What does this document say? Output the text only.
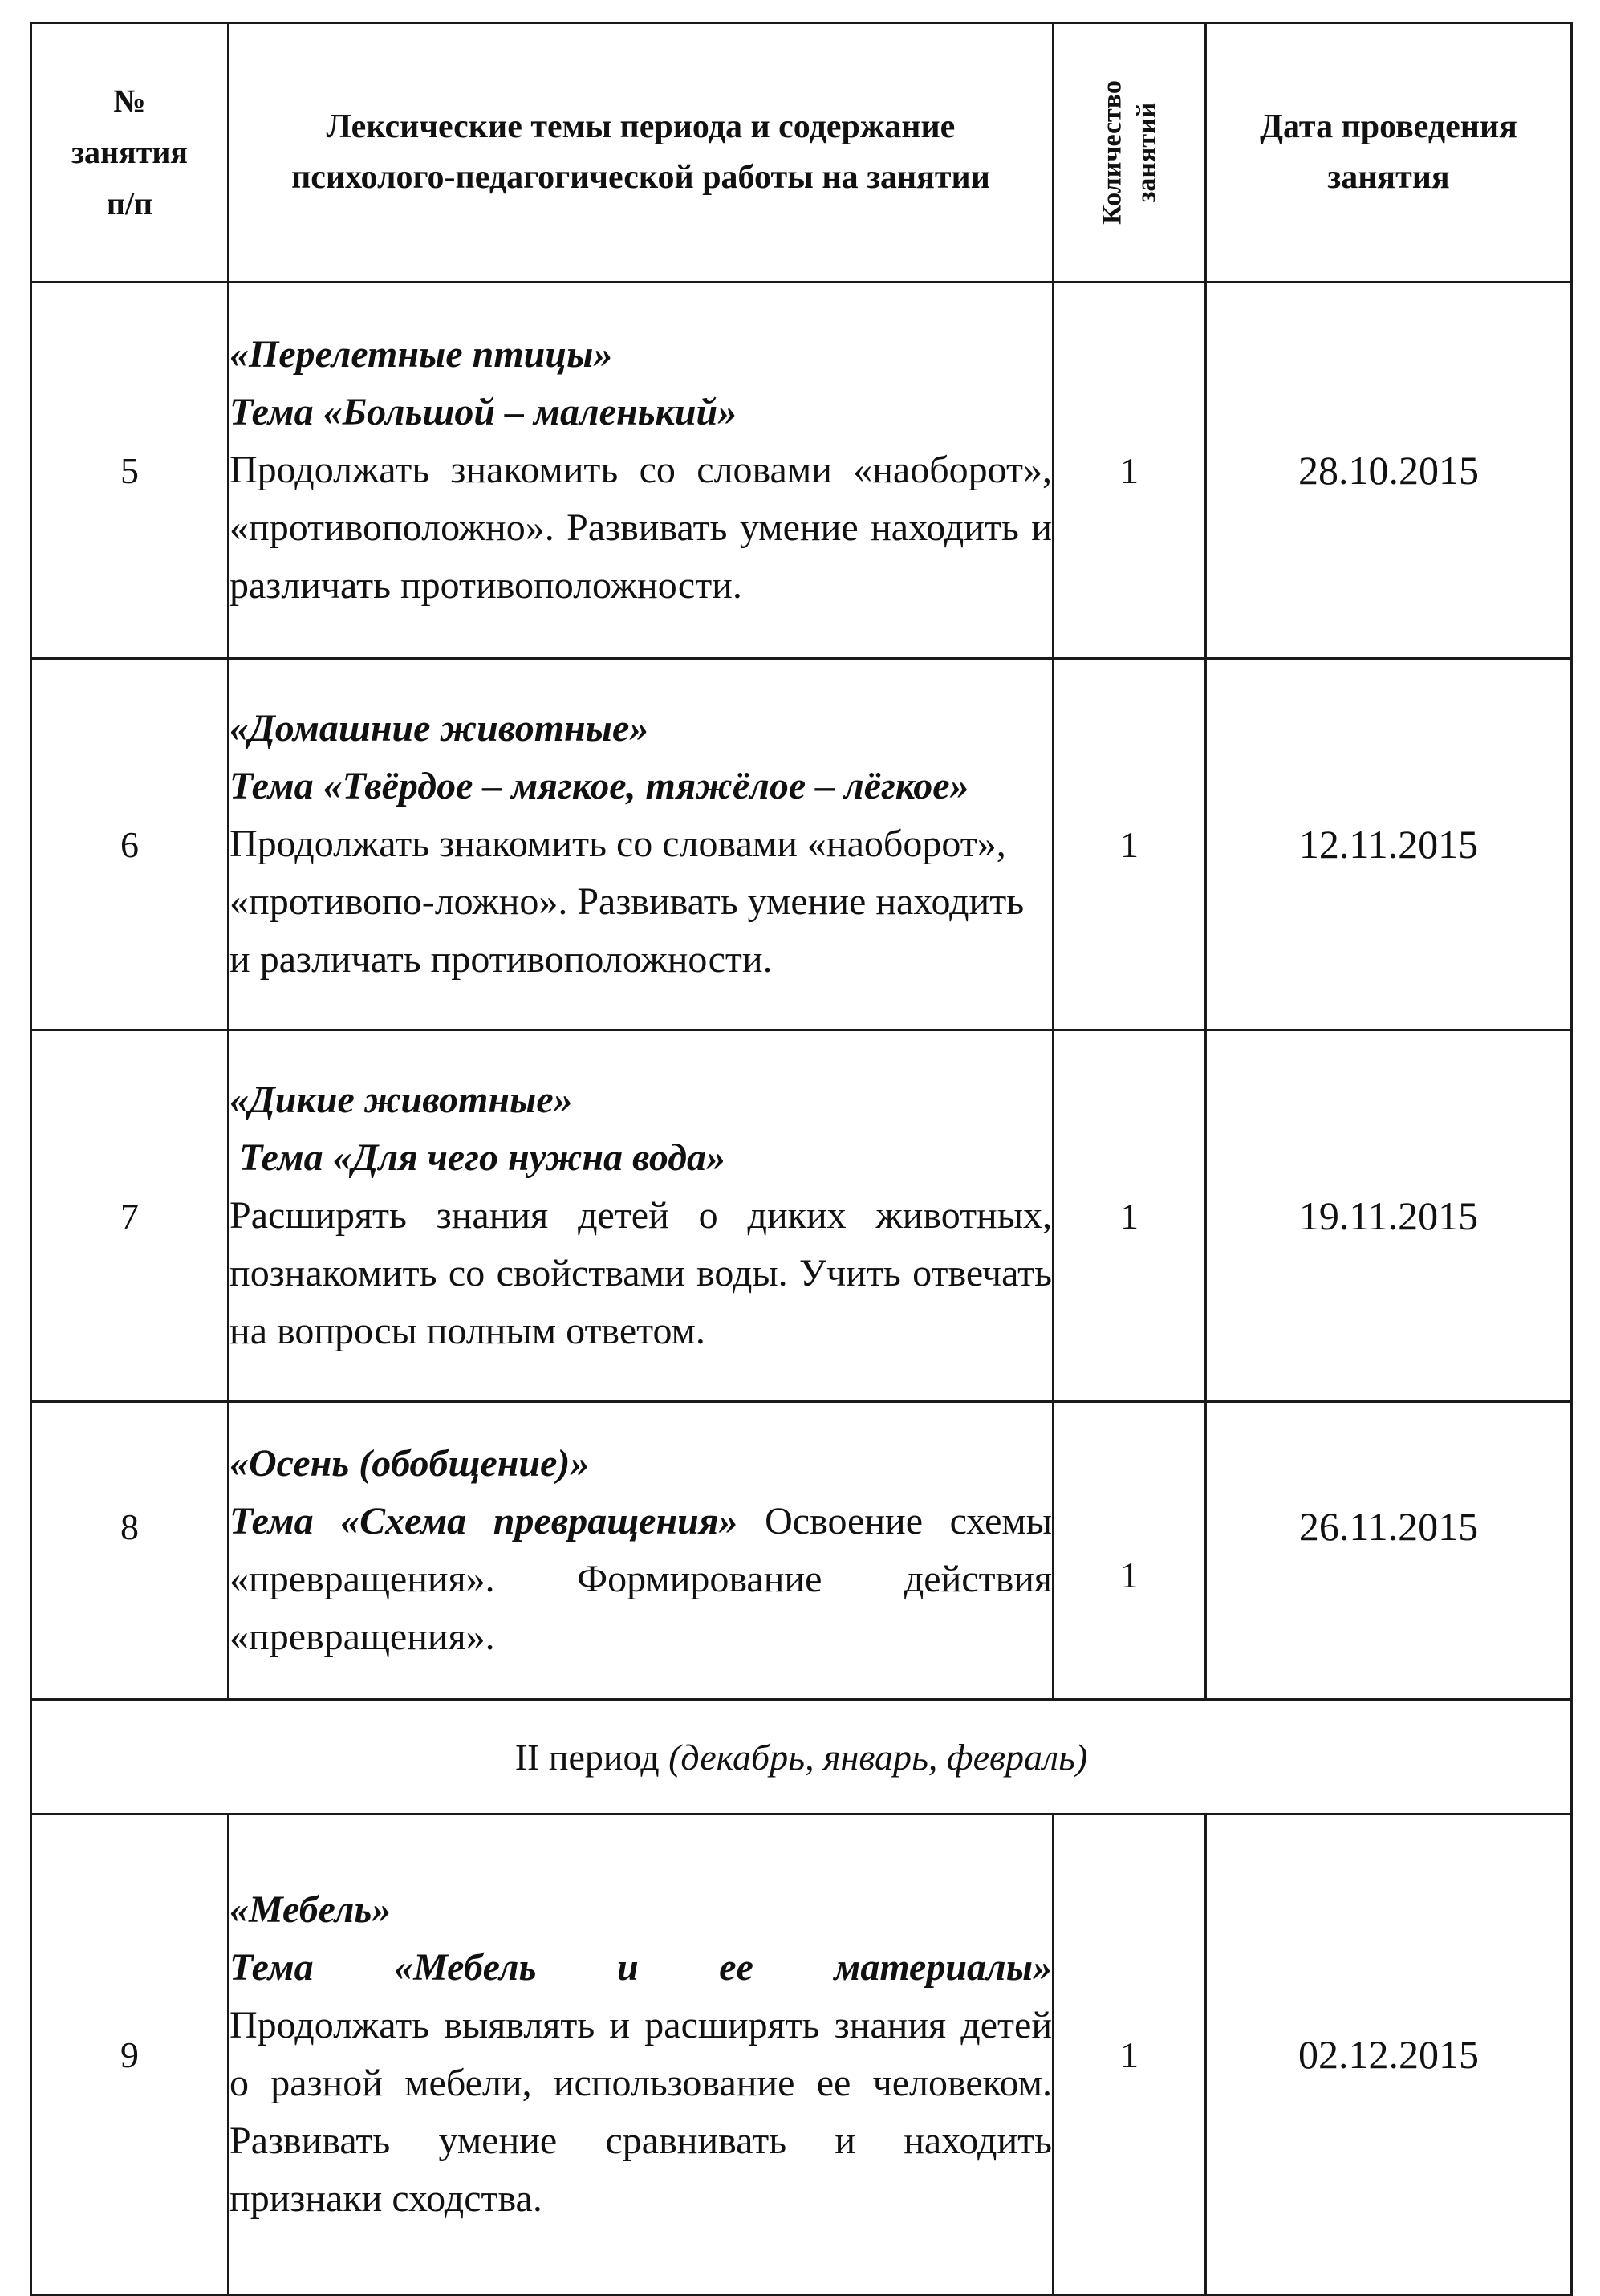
№
занятия
п/п	Лексические темы периода и содержание психолого-педагогической работы на занятии	Количество занятий	Дата проведения занятия
5	«Перелетные птицы»
Тема «Большой – маленький»
Продолжать знакомить со словами «наоборот», «противоположно». Развивать умение находить и различать противоположности.	1	28.10.2015
6	«Домашние животные»
Тема «Твёрдое – мягкое, тяжёлое – лёгкое» Продолжать знакомить со словами «наоборот», «противопо-ложно». Развивать умение находить и различать противоположности.	1	12.11.2015
7	«Дикие животные»
Тема «Для чего нужна вода»
Расширять знания детей о диких животных, познакомить со свойствами воды. Учить отвечать на вопросы полным ответом.	1	19.11.2015
8	«Осень (обобщение)»
Тема «Схема превращения» Освоение схемы «превращения». Формирование действия «превращения».	1	26.11.2015
II период (декабрь, январь, февраль)			
9	«Мебель»
Тема «Мебель и ее материалы»
Продолжать выявлять и расширять знания детей о разной мебели, использование ее человеком. Развивать умение сравнивать и находить признаки сходства.	1	02.12.2015
